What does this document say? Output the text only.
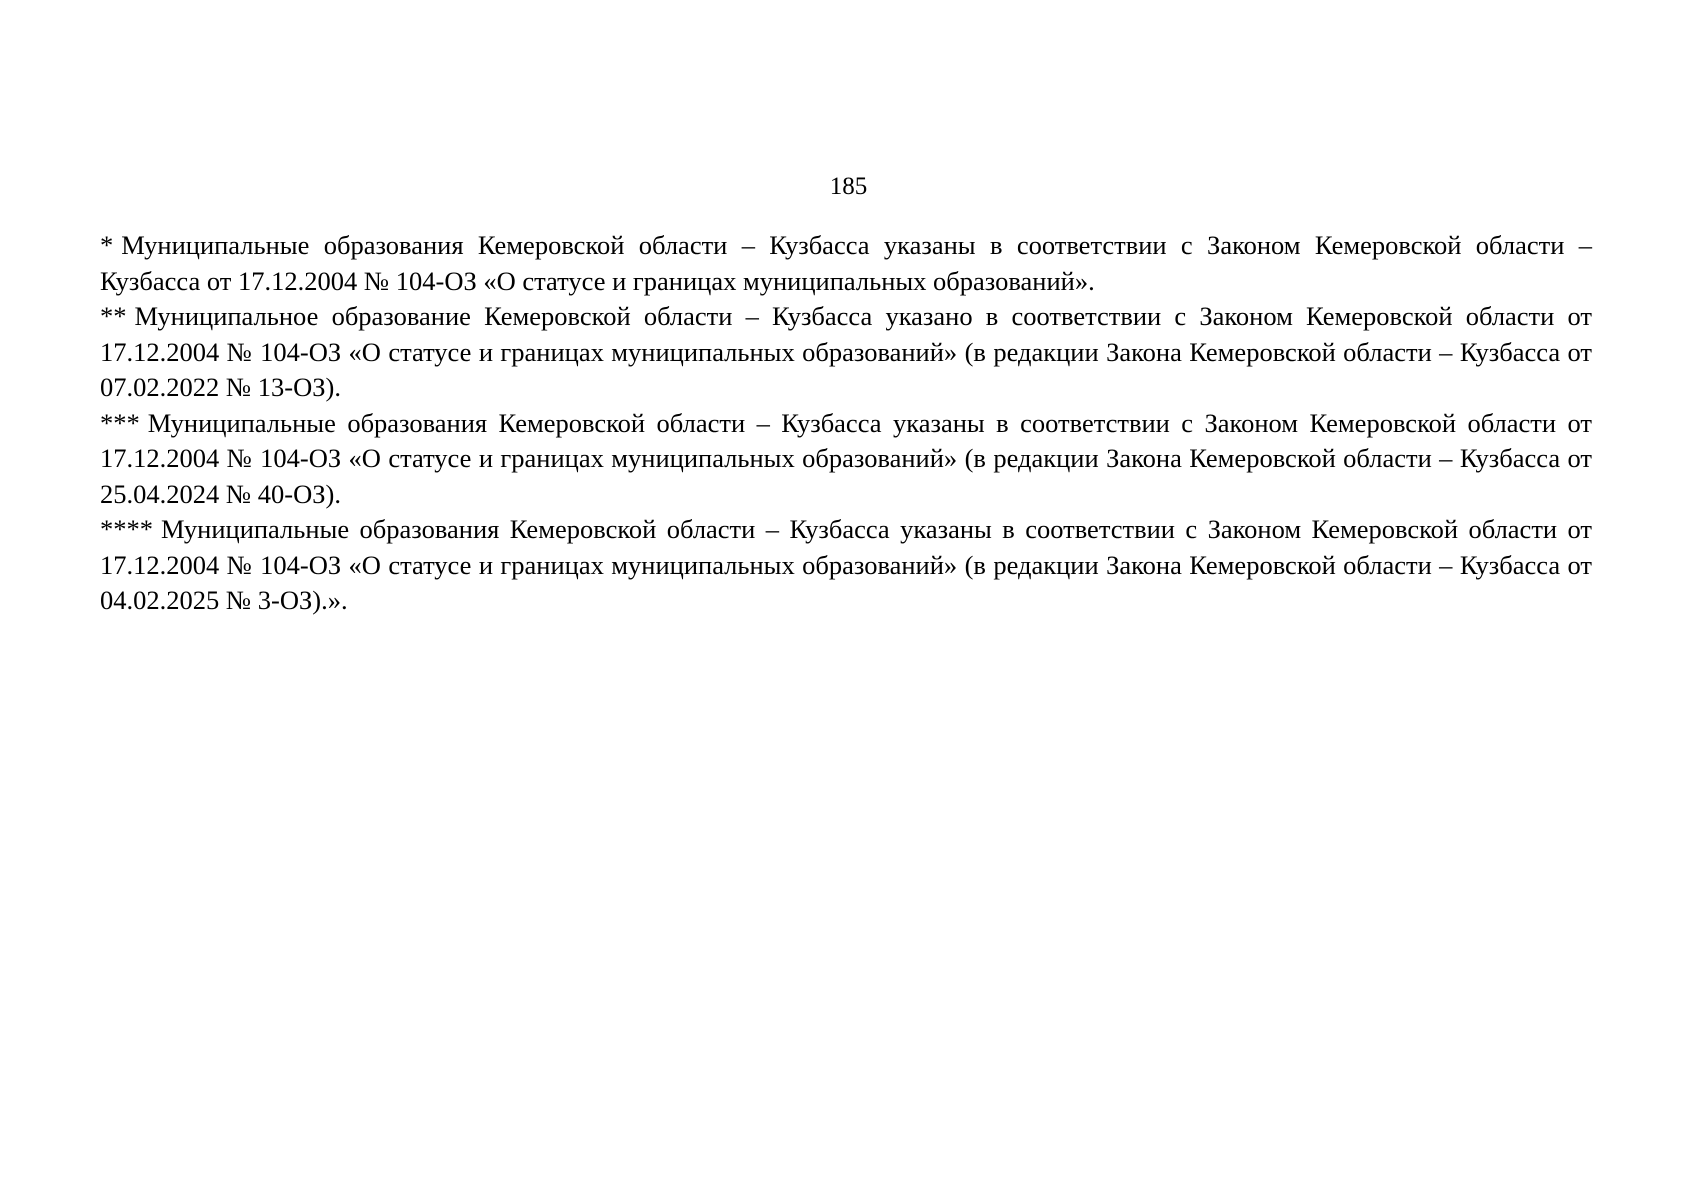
185

* Муниципальные образования Кемеровской области – Кузбасса указаны в соответствии с Законом Кемеровской области – Кузбасса от 17.12.2004 № 104-ОЗ «О статусе и границах муниципальных образований».

** Муниципальное образование Кемеровской области – Кузбасса указано в соответствии с Законом Кемеровской области от 17.12.2004 № 104-ОЗ «О статусе и границах муниципальных образований» (в редакции Закона Кемеровской области – Кузбасса от 07.02.2022 № 13-ОЗ).

*** Муниципальные образования Кемеровской области – Кузбасса указаны в соответствии с Законом Кемеровской области от 17.12.2004 № 104-ОЗ «О статусе и границах муниципальных образований» (в редакции Закона Кемеровской области – Кузбасса от 25.04.2024 № 40-ОЗ).

**** Муниципальные образования Кемеровской области – Кузбасса указаны в соответствии с Законом Кемеровской области от 17.12.2004 № 104-ОЗ «О статусе и границах муниципальных образований» (в редакции Закона Кемеровской области – Кузбасса от 04.02.2025 № 3-ОЗ).».
